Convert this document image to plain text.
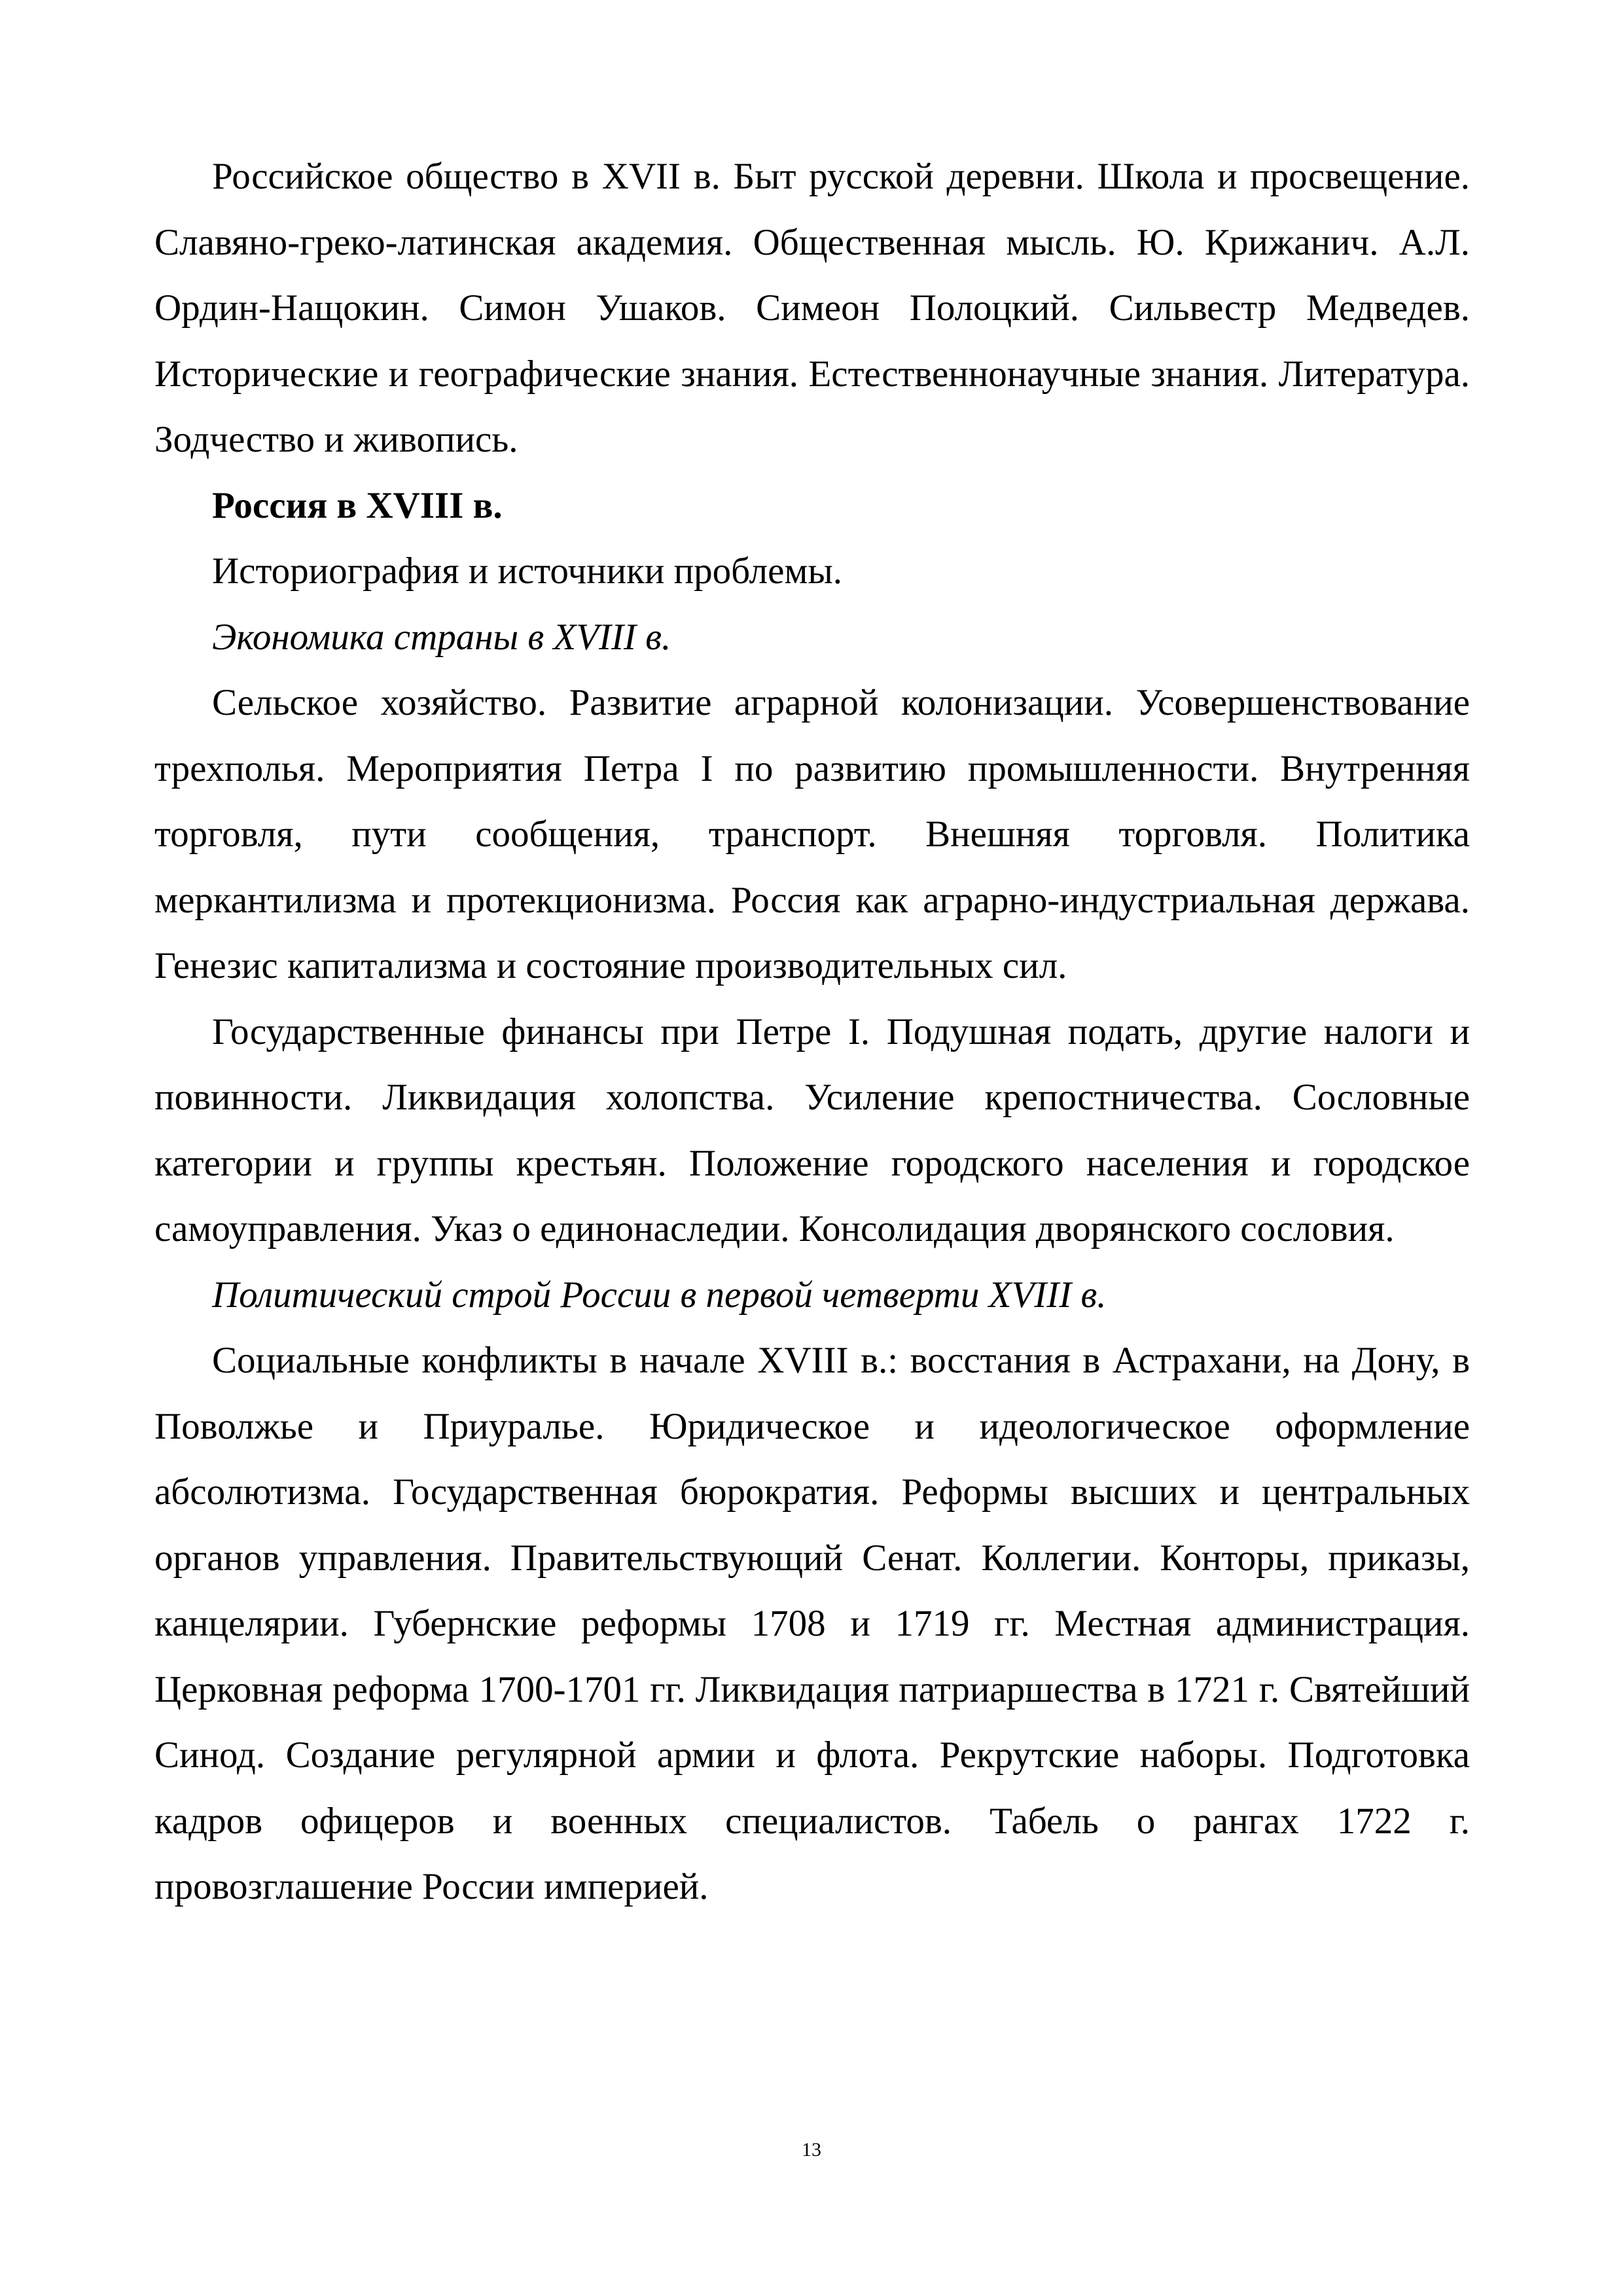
Российское общество в XVII в. Быт русской деревни. Школа и просвещение. Славяно-греко-латинская академия. Общественная мысль. Ю. Крижанич. А.Л. Ордин-Нащокин. Симон Ушаков. Симеон Полоцкий. Сильвестр Медведев. Исторические и географические знания. Естественнонаучные знания. Литература. Зодчество и живопись.

Россия в XVIII в.

Историография и источники проблемы.

Экономика страны в XVIII в.

Сельское хозяйство. Развитие аграрной колонизации. Усовершенствование трехполья. Мероприятия Петра I по развитию промышленности. Внутренняя торговля, пути сообщения, транспорт. Внешняя торговля. Политика меркантилизма и протекционизма. Россия как аграрно-индустриальная держава. Генезис капитализма и состояние производительных сил.

Государственные финансы при Петре I. Подушная подать, другие налоги и повинности. Ликвидация холопства. Усиление крепостничества. Сословные категории и группы крестьян. Положение городского населения и городское самоуправления. Указ о единонаследии. Консолидация дворянского сословия.

Политический строй России в первой четверти XVIII в.

Социальные конфликты в начале XVIII в.: восстания в Астрахани, на Дону, в Поволжье и Приуралье. Юридическое и идеологическое оформление абсолютизма. Государственная бюрократия. Реформы высших и центральных органов управления. Правительствующий Сенат. Коллегии. Конторы, приказы, канцелярии. Губернские реформы 1708 и 1719 гг. Местная администрация. Церковная реформа 1700-1701 гг. Ликвидация патриаршества в 1721 г. Святейший Синод. Создание регулярной армии и флота. Рекрутские наборы. Подготовка кадров офицеров и военных специалистов. Табель о рангах 1722 г. провозглашение России империей.

13
